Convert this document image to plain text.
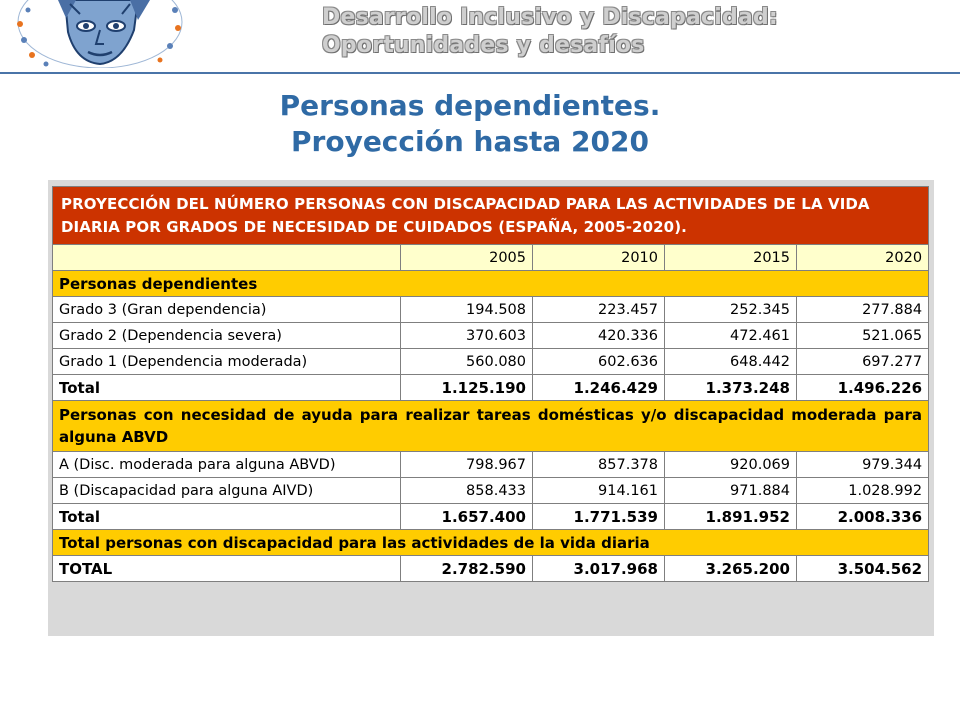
Desarrollo Inclusivo y Discapacidad:
Oportunidades y desafíos
Personas dependientes.
Proyección hasta 2020
PROYECCIÓN DEL NÚMERO PERSONAS CON DISCAPACIDAD PARA LAS ACTIVIDADES DE LA VIDA DIARIA POR GRADOS DE NECESIDAD DE CUIDADOS (ESPAÑA, 2005-2020).				
	2005	2010	2015	2020
Personas dependientes				
Grado 3 (Gran dependencia)	194.508	223.457	252.345	277.884
Grado 2 (Dependencia severa)	370.603	420.336	472.461	521.065
Grado 1 (Dependencia moderada)	560.080	602.636	648.442	697.277
Total	1.125.190	1.246.429	1.373.248	1.496.226
Personas con necesidad de ayuda para realizar tareas domésticas y/o discapacidad moderada para alguna ABVD				
A (Disc. moderada para alguna ABVD)	798.967	857.378	920.069	979.344
B (Discapacidad para alguna AIVD)	858.433	914.161	971.884	1.028.992
Total	1.657.400	1.771.539	1.891.952	2.008.336
Total personas con discapacidad para las actividades de la vida diaria				
TOTAL	2.782.590	3.017.968	3.265.200	3.504.562
